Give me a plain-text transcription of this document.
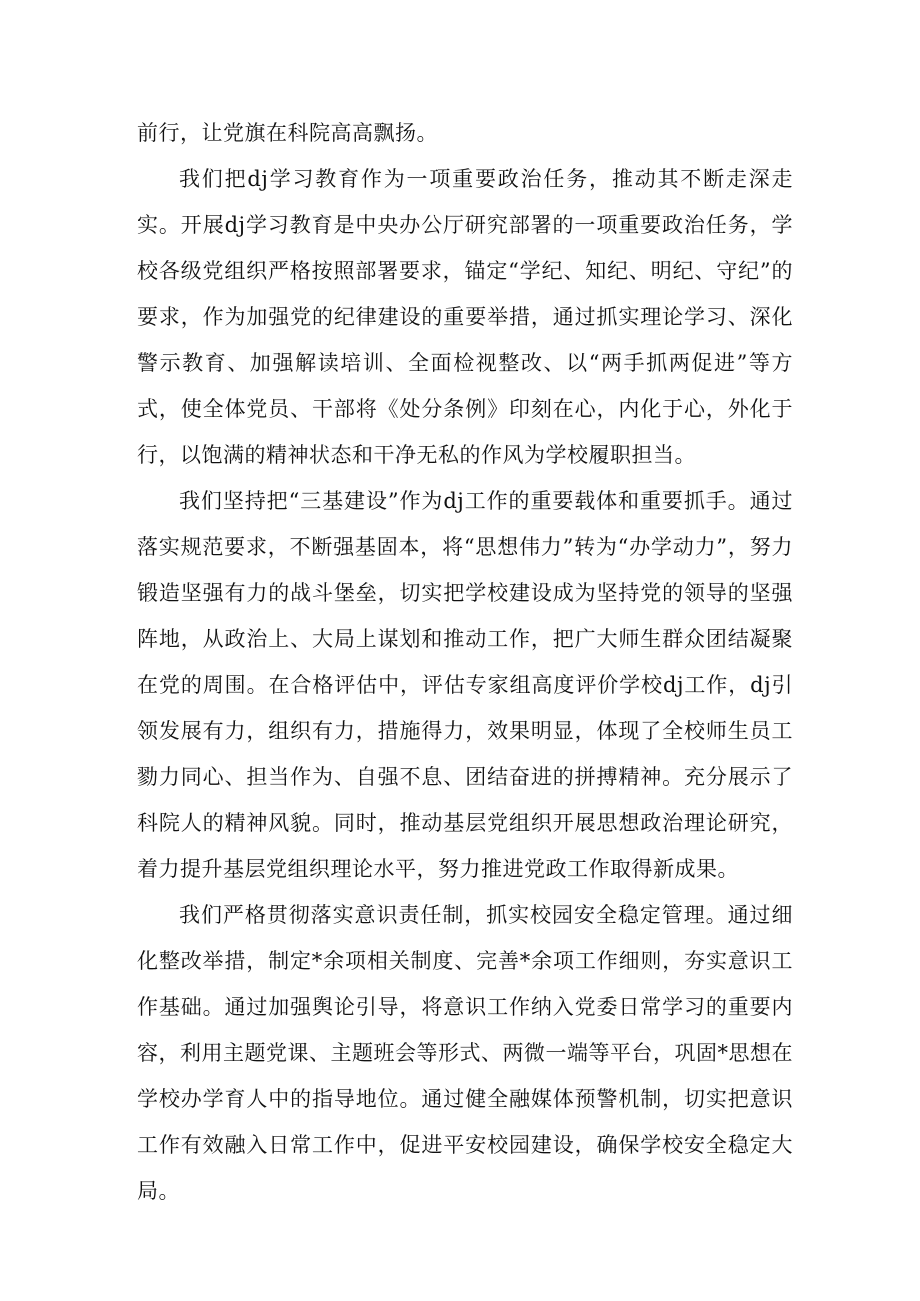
前行，让党旗在科院高高飘扬。

我们把dj学习教育作为一项重要政治任务，推动其不断走深走实。开展dj学习教育是中央办公厅研究部署的一项重要政治任务，学校各级党组织严格按照部署要求，锚定“学纪、知纪、明纪、守纪”的要求，作为加强党的纪律建设的重要举措，通过抓实理论学习、深化警示教育、加强解读培训、全面检视整改、以“两手抓两促进”等方式，使全体党员、干部将《处分条例》印刻在心，内化于心，外化于行，以饱满的精神状态和干净无私的作风为学校履职担当。

我们坚持把“三基建设”作为dj工作的重要载体和重要抓手。通过落实规范要求，不断强基固本，将“思想伟力”转为“办学动力”，努力锻造坚强有力的战斗堡垒，切实把学校建设成为坚持党的领导的坚强阵地，从政治上、大局上谋划和推动工作，把广大师生群众团结凝聚在党的周围。在合格评估中，评估专家组高度评价学校dj工作，dj引领发展有力，组织有力，措施得力，效果明显，体现了全校师生员工勠力同心、担当作为、自强不息、团结奋进的拼搏精神。充分展示了科院人的精神风貌。同时，推动基层党组织开展思想政治理论研究，着力提升基层党组织理论水平，努力推进党政工作取得新成果。

我们严格贯彻落实意识责任制，抓实校园安全稳定管理。通过细化整改举措，制定*余项相关制度、完善*余项工作细则，夯实意识工作基础。通过加强舆论引导，将意识工作纳入党委日常学习的重要内容，利用主题党课、主题班会等形式、两微一端等平台，巩固*思想在学校办学育人中的指导地位。通过健全融媒体预警机制，切实把意识工作有效融入日常工作中，促进平安校园建设，确保学校安全稳定大局。
